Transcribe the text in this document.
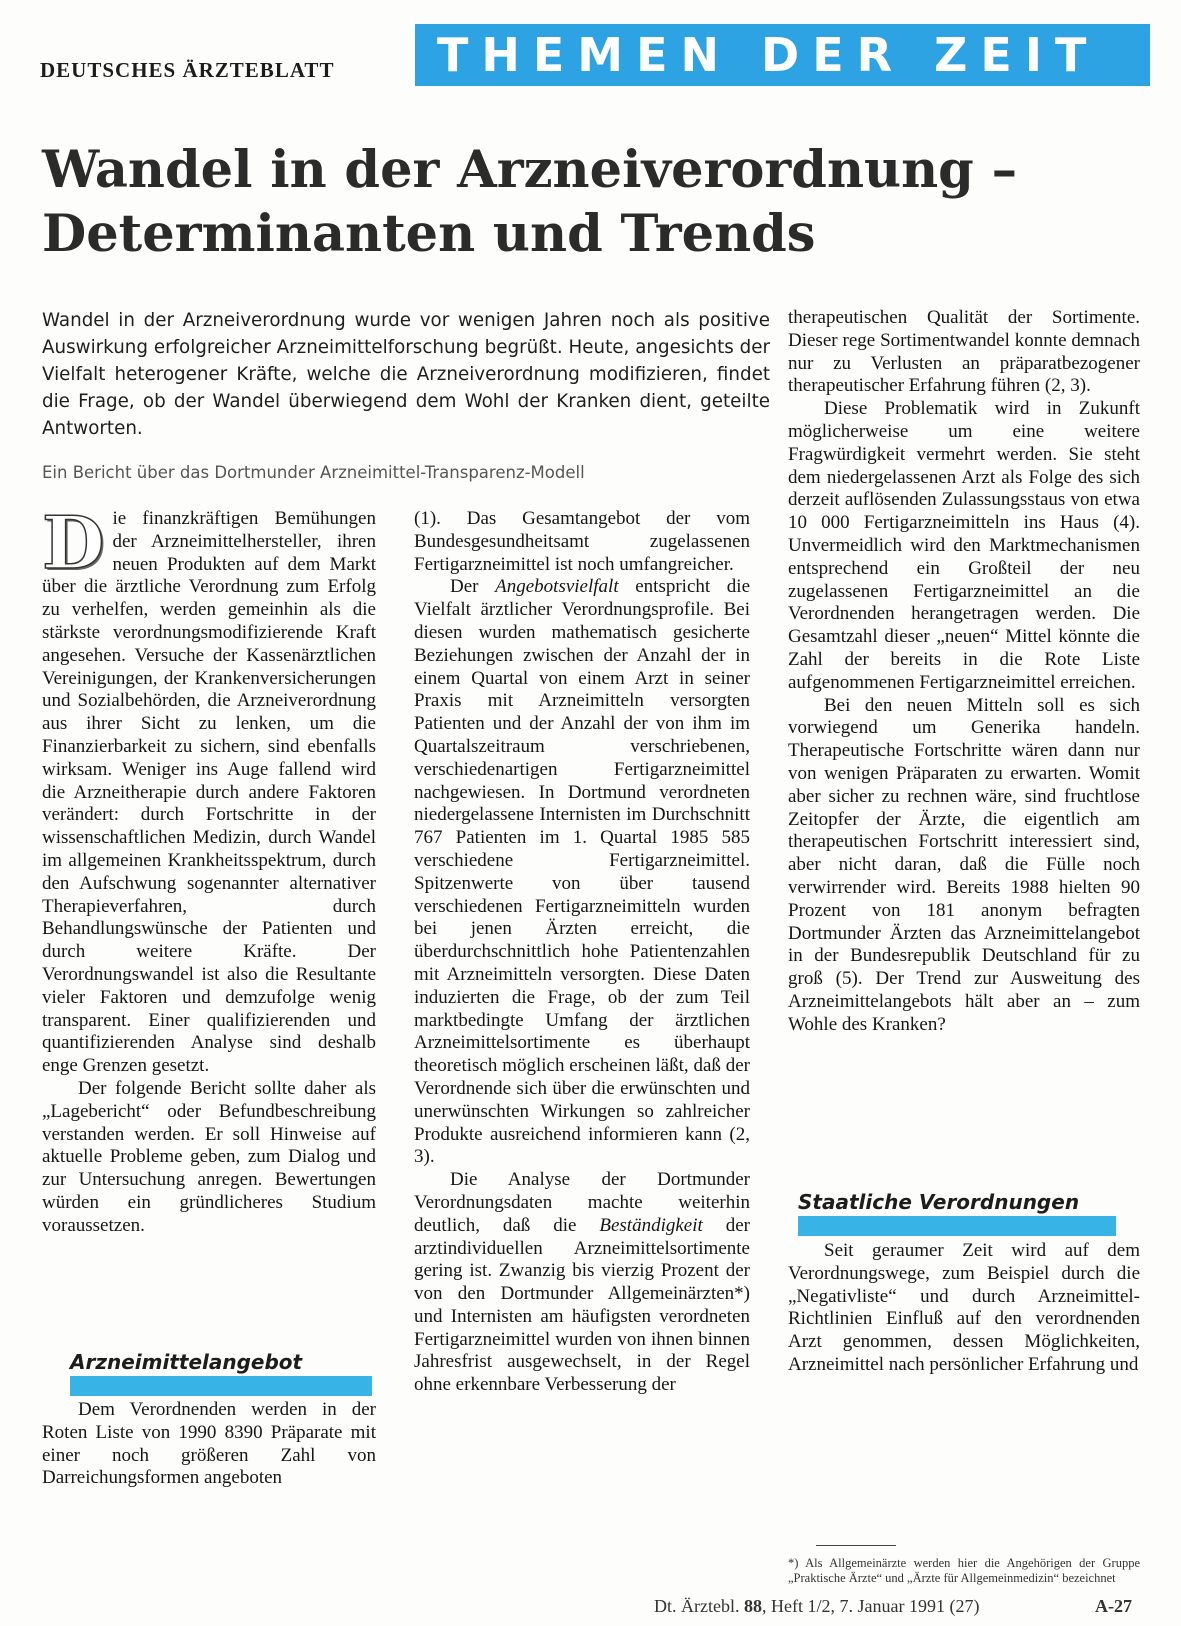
DEUTSCHES ÄRZTEBLATT	THEMEN DER ZEIT
Wandel in der Arzneiverordnung –
Determinanten und Trends

Wandel in der Arzneiverordnung wurde vor wenigen Jahren noch als positive Auswirkung erfolgreicher Arzneimittelforschung begrüßt. Heute, angesichts der Vielfalt heterogener Kräfte, welche die Arzneiverordnung modifizieren, findet die Frage, ob der Wandel überwiegend dem Wohl der Kranken dient, geteilte Antworten.

Ein Bericht über das Dortmunder Arzneimittel-Transparenz-Modell

Die finanzkräftigen Bemühungen der Arzneimittelhersteller, ihren neuen Produkten auf dem Markt über die ärztliche Verordnung zum Erfolg zu verhelfen, werden gemeinhin als die stärkste verordnungsmodifizierende Kraft angesehen. Versuche der Kassenärztlichen Vereinigungen, der Krankenversicherungen und Sozialbehörden, die Arzneiverordnung aus ihrer Sicht zu lenken, um die Finanzierbarkeit zu sichern, sind ebenfalls wirksam. Weniger ins Auge fallend wird die Arzneitherapie durch andere Faktoren verändert: durch Fortschritte in der wissenschaftlichen Medizin, durch Wandel im allgemeinen Krankheitsspektrum, durch den Aufschwung sogenannter alternativer Therapieverfahren, durch Behandlungswünsche der Patienten und durch weitere Kräfte. Der Verordnungswandel ist also die Resultante vieler Faktoren und demzufolge wenig transparent. Einer qualifizierenden und quantifizierenden Analyse sind deshalb enge Grenzen gesetzt.

Der folgende Bericht sollte daher als „Lagebericht“ oder Befundbeschreibung verstanden werden. Er soll Hinweise auf aktuelle Probleme geben, zum Dialog und zur Untersuchung anregen. Bewertungen würden ein gründlicheres Studium voraussetzen.

Arzneimittelangebot

Dem Verordnenden werden in der Roten Liste von 1990 8390 Präparate mit einer noch größeren Zahl von Darreichungsformen angeboten

(1). Das Gesamtangebot der vom Bundesgesundheitsamt zugelassenen Fertigarzneimittel ist noch umfangreicher.

Der Angebotsvielfalt entspricht die Vielfalt ärztlicher Verordnungsprofile. Bei diesen wurden mathematisch gesicherte Beziehungen zwischen der Anzahl der in einem Quartal von einem Arzt in seiner Praxis mit Arzneimitteln versorgten Patienten und der Anzahl der von ihm im Quartalszeitraum verschriebenen, verschiedenartigen Fertigarzneimittel nachgewiesen. In Dortmund verordneten niedergelassene Internisten im Durchschnitt 767 Patienten im 1. Quartal 1985 585 verschiedene Fertigarzneimittel. Spitzenwerte von über tausend verschiedenen Fertigarzneimitteln wurden bei jenen Ärzten erreicht, die überdurchschnittlich hohe Patientenzahlen mit Arzneimitteln versorgten. Diese Daten induzierten die Frage, ob der zum Teil marktbedingte Umfang der ärztlichen Arzneimittelsortimente es überhaupt theoretisch möglich erscheinen läßt, daß der Verordnende sich über die erwünschten und unerwünschten Wirkungen so zahlreicher Produkte ausreichend informieren kann (2, 3).

Die Analyse der Dortmunder Verordnungsdaten machte weiterhin deutlich, daß die Beständigkeit der arztindividuellen Arzneimittelsortimente gering ist. Zwanzig bis vierzig Prozent der von den Dortmunder Allgemeinärzten*) und Internisten am häufigsten verordneten Fertigarzneimittel wurden von ihnen binnen Jahresfrist ausgewechselt, in der Regel ohne erkennbare Verbesserung der

therapeutischen Qualität der Sortimente. Dieser rege Sortimentwandel konnte demnach nur zu Verlusten an präparatbezogener therapeutischer Erfahrung führen (2, 3).

Diese Problematik wird in Zukunft möglicherweise um eine weitere Fragwürdigkeit vermehrt werden. Sie steht dem niedergelassenen Arzt als Folge des sich derzeit auflösenden Zulassungsstaus von etwa 10 000 Fertigarzneimitteln ins Haus (4). Unvermeidlich wird den Marktmechanismen entsprechend ein Großteil der neu zugelassenen Fertigarzneimittel an die Verordnenden herangetragen werden. Die Gesamtzahl dieser „neuen“ Mittel könnte die Zahl der bereits in die Rote Liste aufgenommenen Fertigarzneimittel erreichen.

Bei den neuen Mitteln soll es sich vorwiegend um Generika handeln. Therapeutische Fortschritte wären dann nur von wenigen Präparaten zu erwarten. Womit aber sicher zu rechnen wäre, sind fruchtlose Zeitopfer der Ärzte, die eigentlich am therapeutischen Fortschritt interessiert sind, aber nicht daran, daß die Fülle noch verwirrender wird. Bereits 1988 hielten 90 Prozent von 181 anonym befragten Dortmunder Ärzten das Arzneimittelangebot in der Bundesrepublik Deutschland für zu groß (5). Der Trend zur Ausweitung des Arzneimittelangebots hält aber an – zum Wohle des Kranken?

Staatliche Verordnungen

Seit geraumer Zeit wird auf dem Verordnungswege, zum Beispiel durch die „Negativliste“ und durch Arzneimittel-Richtlinien Einfluß auf den verordnenden Arzt genommen, dessen Möglichkeiten, Arzneimittel nach persönlicher Erfahrung und

*) Als Allgemeinärzte werden hier die Angehörigen der Gruppe „Praktische Ärzte“ und „Ärzte für Allgemeinmedizin“ bezeichnet

Dt. Ärztebl. 88, Heft 1/2, 7. Januar 1991 (27)	A-27
